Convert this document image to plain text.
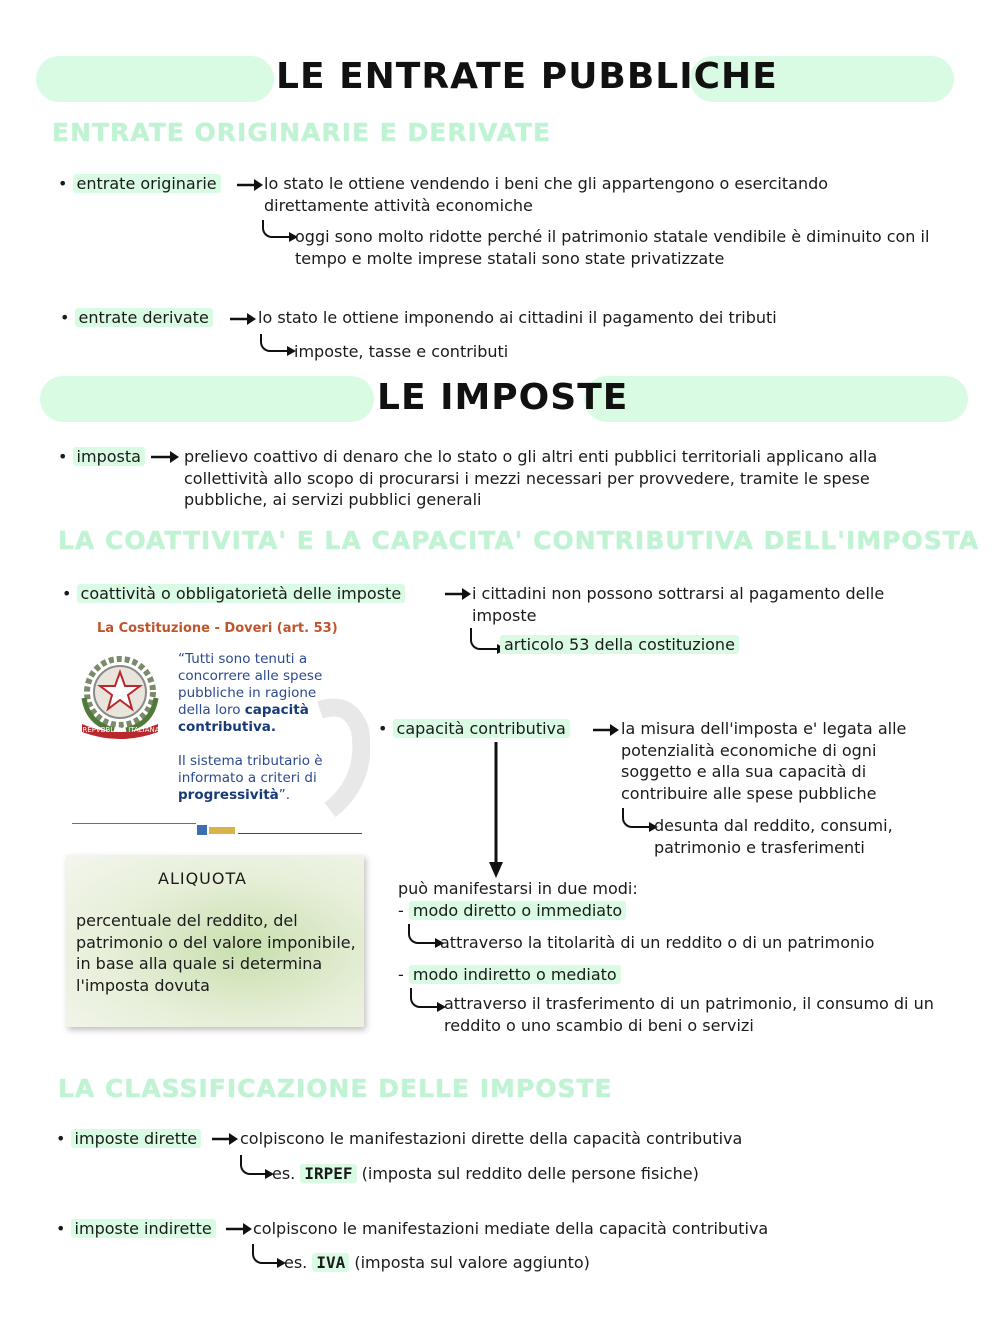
LE ENTRATE PUBBLICHE
ENTRATE ORIGINARIE E DERIVATE
• entrate originarie	lo stato le ottiene vendendo i beni che gli appartengono o esercitando direttamente attività economiche
oggi sono molto ridotte perché il patrimonio statale vendibile è diminuito con il tempo e molte imprese statali sono state privatizzate
• entrate derivate	lo stato le ottiene imponendo ai cittadini il pagamento dei tributi
imposte, tasse e contributi
LE IMPOSTE
• imposta	prelievo coattivo di denaro che lo stato o gli altri enti pubblici territoriali applicano alla collettività allo scopo di procurarsi i mezzi necessari per provvedere, tramite le spese pubbliche, ai servizi pubblici generali
LA COATTIVITA' E LA CAPACITA' CONTRIBUTIVA DELL'IMPOSTA
• coattività o obbligatorietà delle imposte	i cittadini non possono sottrarsi al pagamento delle imposte
articolo 53 della costituzione
La Costituzione - Doveri (art. 53)
REPVBBLICA ITALIANA
“Tutti sono tenuti a concorrere alle spese pubbliche in ragione della loro capacità contributiva.
Il sistema tributario è informato a criteri di progressività”.
• capacità contributiva	la misura dell'imposta e' legata alle potenzialità economiche di ogni soggetto e alla sua capacità di contribuire alle spese pubbliche
desunta dal reddito, consumi, patrimonio e trasferimenti
può manifestarsi in due modi:
- modo diretto o immediato
attraverso la titolarità di un reddito o di un patrimonio
- modo indiretto o mediato
attraverso il trasferimento di un patrimonio, il consumo di un reddito o uno scambio di beni o servizi
ALIQUOTA
percentuale del reddito, del patrimonio o del valore imponibile, in base alla quale si determina l'imposta dovuta
LA CLASSIFICAZIONE DELLE IMPOSTE
• imposte dirette	colpiscono le manifestazioni dirette della capacità contributiva
es. IRPEF (imposta sul reddito delle persone fisiche)
• imposte indirette	colpiscono le manifestazioni mediate della capacità contributiva
es. IVA (imposta sul valore aggiunto)
